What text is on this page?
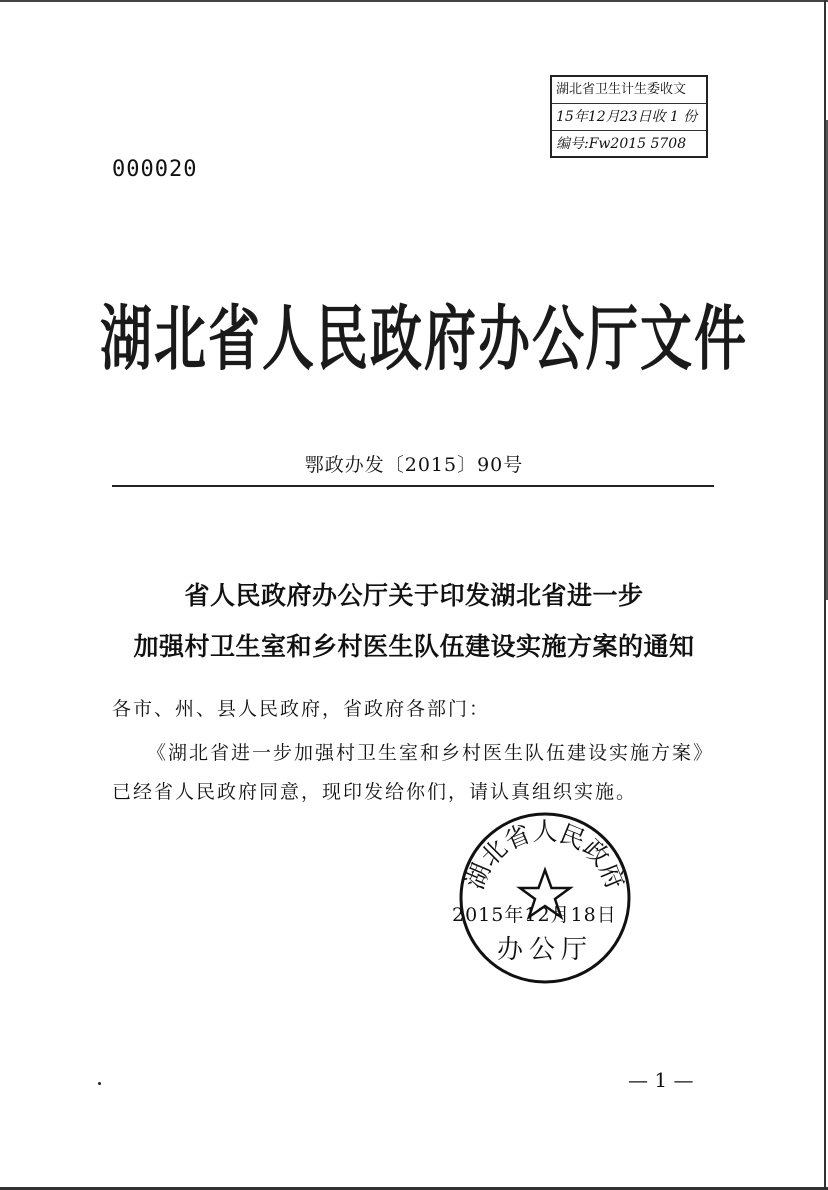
湖北省卫生计生委收文
15年12月23日收 1 份
编号:Fw2015 5708
000020
湖北省人民政府办公厅文件
鄂政办发〔2015〕90号
省人民政府办公厅关于印发湖北省进一步
加强村卫生室和乡村医生队伍建设实施方案的通知
各市、州、县人民政府，省政府各部门：
《湖北省进一步加强村卫生室和乡村医生队伍建设实施方案》
已经省人民政府同意，现印发给你们，请认真组织实施。
2015年12月18日
湖北省人民政府
办公厅
— 1 —
